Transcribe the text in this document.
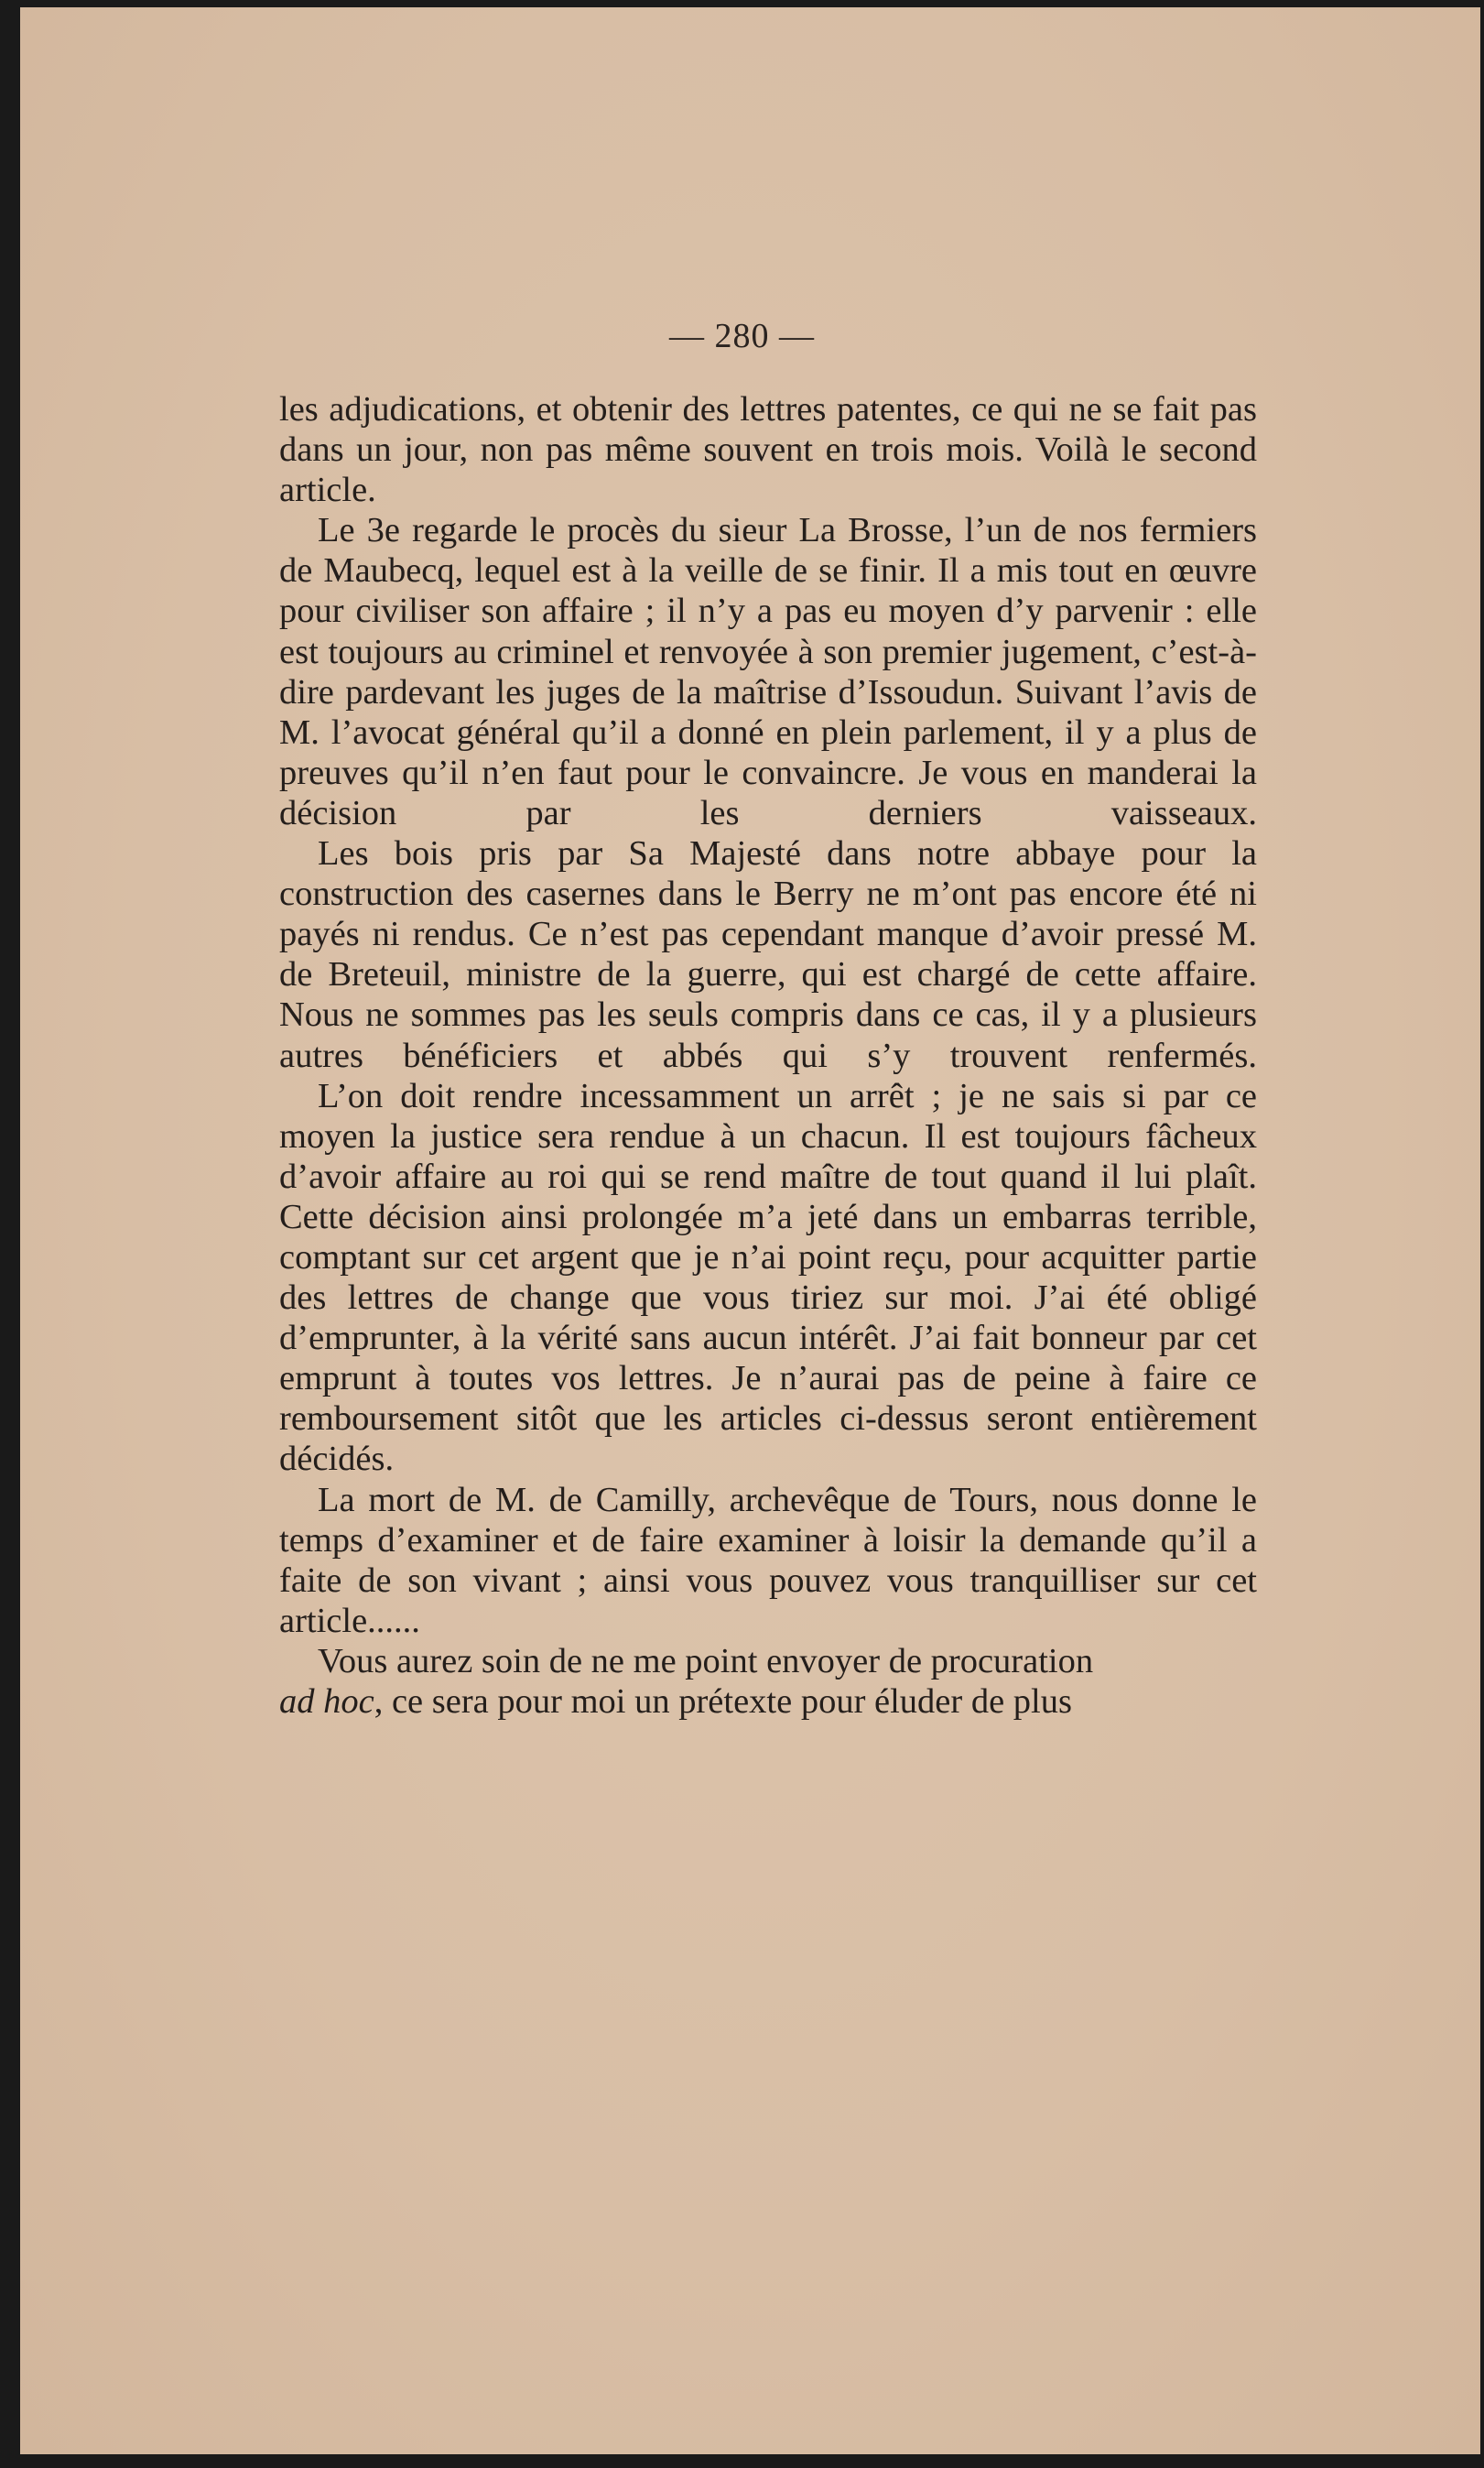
— 280 —

les adjudications, et obtenir des lettres patentes, ce qui ne se fait pas dans un jour, non pas même souvent en trois mois. Voilà le second article.

Le 3e regarde le procès du sieur La Brosse, l’un de nos fermiers de Maubecq, lequel est à la veille de se finir. Il a mis tout en œuvre pour civiliser son affaire ; il n’y a pas eu moyen d’y parvenir : elle est toujours au criminel et renvoyée à son premier jugement, c’est-à-dire pardevant les juges de la maîtrise d’Issoudun. Suivant l’avis de M. l’avocat général qu’il a donné en plein parlement, il y a plus de preuves qu’il n’en faut pour le convaincre. Je vous en manderai la décision par les derniers vaisseaux.

Les bois pris par Sa Majesté dans notre abbaye pour la construction des casernes dans le Berry ne m’ont pas encore été ni payés ni rendus. Ce n’est pas cependant manque d’avoir pressé M. de Breteuil, ministre de la guerre, qui est chargé de cette affaire. Nous ne sommes pas les seuls compris dans ce cas, il y a plusieurs autres bénéficiers et abbés qui s’y trouvent renfermés.

L’on doit rendre incessamment un arrêt ; je ne sais si par ce moyen la justice sera rendue à un chacun. Il est toujours fâcheux d’avoir affaire au roi qui se rend maître de tout quand il lui plaît. Cette décision ainsi prolongée m’a jeté dans un embarras terrible, comptant sur cet argent que je n’ai point reçu, pour acquitter partie des lettres de change que vous tiriez sur moi. J’ai été obligé d’emprunter, à la vérité sans aucun intérêt. J’ai fait bonneur par cet emprunt à toutes vos lettres. Je n’aurai pas de peine à faire ce remboursement sitôt que les articles ci-dessus seront entièrement décidés.

La mort de M. de Camilly, archevêque de Tours, nous donne le temps d’examiner et de faire examiner à loisir la demande qu’il a faite de son vivant ; ainsi vous pouvez vous tranquilliser sur cet article......

Vous aurez soin de ne me point envoyer de procuration
ad hoc, ce sera pour moi un prétexte pour éluder de plus
